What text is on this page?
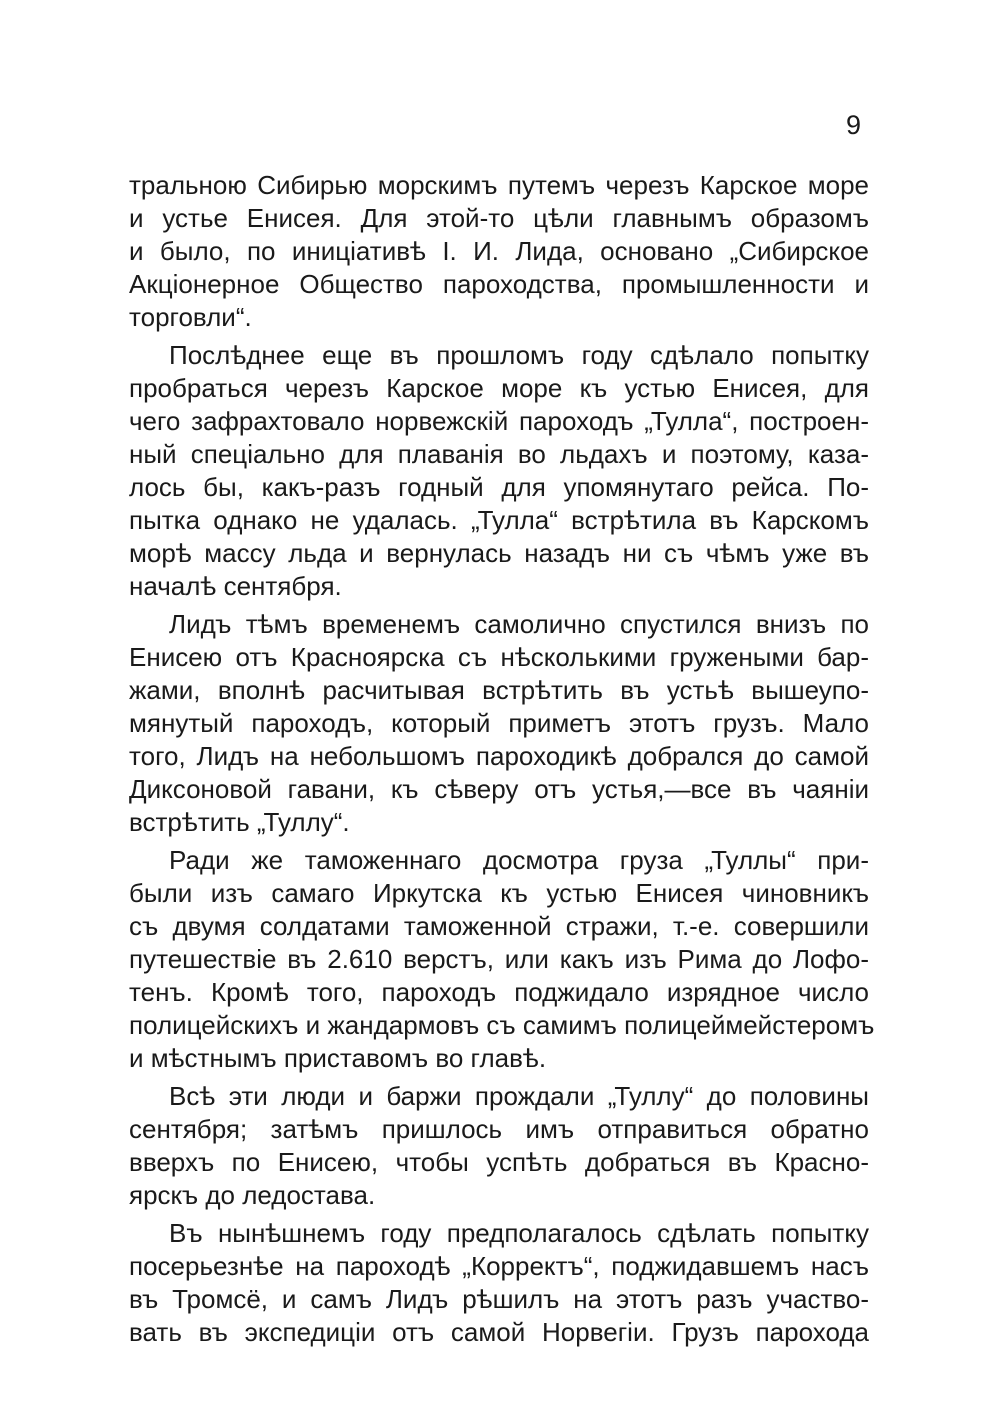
9
тральною Сибирью морскимъ путемъ черезъ Карское море
и устье Енисея. Для этой-то цѣли главнымъ образомъ
и было, по иниціативѣ І. И. Лида, основано „Сибирское
Акціонерное Общество пароходства, промышленности и
торговли“.
Послѣднее еще въ прошломъ году сдѣлало попытку
пробраться черезъ Карское море къ устью Енисея, для
чего зафрахтовало норвежскій пароходъ „Тулла“, построен-
ный спеціально для плаванія во льдахъ и поэтому, каза-
лось бы, какъ-разъ годный для упомянутаго рейса. По-
пытка однако не удалась. „Тулла“ встрѣтила въ Карскомъ
морѣ массу льда и вернулась назадъ ни съ чѣмъ уже въ
началѣ сентября.
Лидъ тѣмъ временемъ самолично спустился внизъ по
Енисею отъ Красноярска съ нѣсколькими гружеными бар-
жами, вполнѣ расчитывая встрѣтить въ устьѣ вышеупо-
мянутый пароходъ, который приметъ этотъ грузъ. Мало
того, Лидъ на небольшомъ пароходикѣ добрался до самой
Диксоновой гавани, къ сѣверу отъ устья,—все въ чаяніи
встрѣтить „Туллу“.
Ради же таможеннаго досмотра груза „Туллы“ при-
были изъ самаго Иркутска къ устью Енисея чиновникъ
съ двумя солдатами таможенной стражи, т.-е. совершили
путешествіе въ 2.610 верстъ, или какъ изъ Рима до Лофо-
тенъ. Кромѣ того, пароходъ поджидало изрядное число
полицейскихъ и жандармовъ съ самимъ полицеймейстеромъ
и мѣстнымъ приставомъ во главѣ.
Всѣ эти люди и баржи прождали „Туллу“ до половины
сентября; затѣмъ пришлось имъ отправиться обратно
вверхъ по Енисею, чтобы успѣть добраться въ Красно-
ярскъ до ледостава.
Въ нынѣшнемъ году предполагалось сдѣлать попытку
посерьезнѣе на пароходѣ „Корректъ“, поджидавшемъ насъ
въ Тромсё, и самъ Лидъ рѣшилъ на этотъ разъ участво-
вать въ экспедиціи отъ самой Норвегіи. Грузъ парохода
